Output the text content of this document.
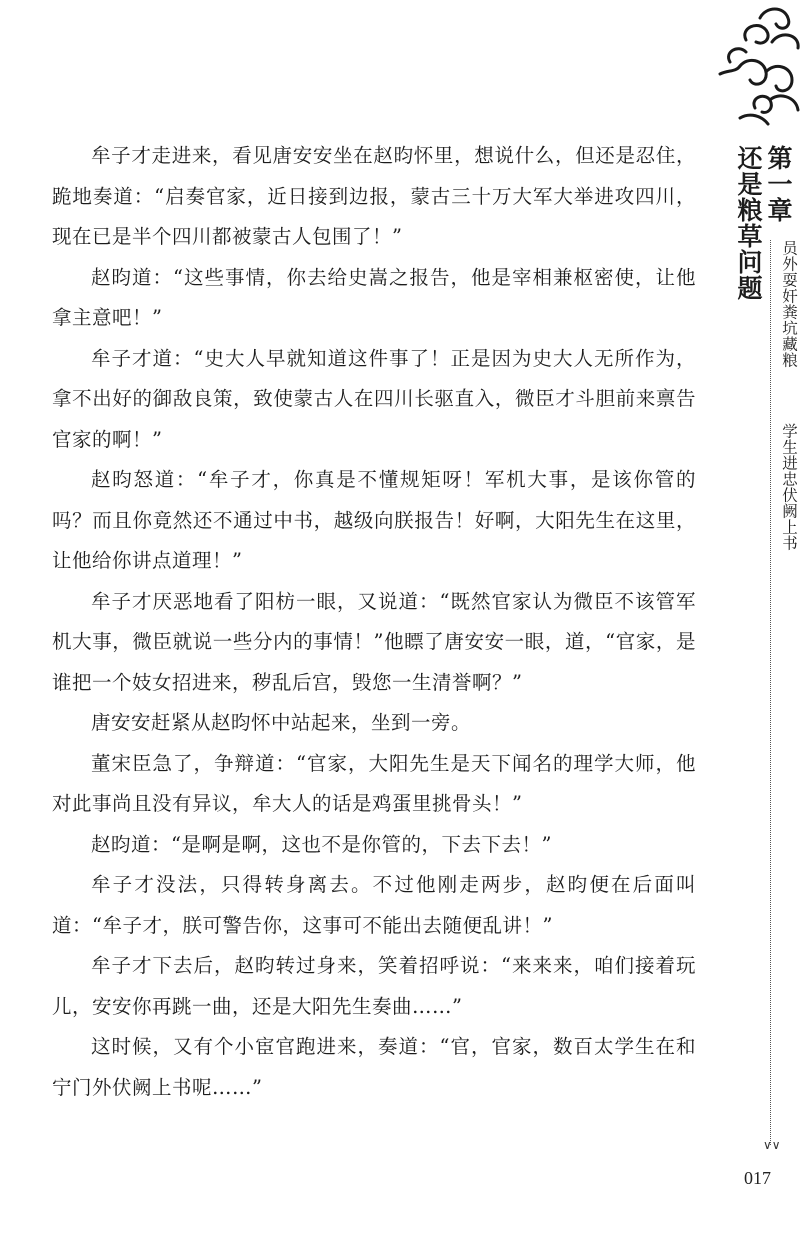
第一章
还是粮草问题
员外耍奸粪坑藏粮
学生进忠伏阙上书
∨∨
017

牟子才走进来，看见唐安安坐在赵昀怀里，想说什么，但还是忍住，跪地奏道：“启奏官家，近日接到边报，蒙古三十万大军大举进攻四川，现在已是半个四川都被蒙古人包围了！”

赵昀道：“这些事情，你去给史嵩之报告，他是宰相兼枢密使，让他拿主意吧！”

牟子才道：“史大人早就知道这件事了！正是因为史大人无所作为，拿不出好的御敌良策，致使蒙古人在四川长驱直入，微臣才斗胆前来禀告官家的啊！”

赵昀怒道：“牟子才，你真是不懂规矩呀！军机大事，是该你管的吗？而且你竟然还不通过中书，越级向朕报告！好啊，大阳先生在这里，让他给你讲点道理！”

牟子才厌恶地看了阳枋一眼，又说道：“既然官家认为微臣不该管军机大事，微臣就说一些分内的事情！”他瞟了唐安安一眼，道，“官家，是谁把一个妓女招进来，秽乱后宫，毁您一生清誉啊？”

唐安安赶紧从赵昀怀中站起来，坐到一旁。

董宋臣急了，争辩道：“官家，大阳先生是天下闻名的理学大师，他对此事尚且没有异议，牟大人的话是鸡蛋里挑骨头！”

赵昀道：“是啊是啊，这也不是你管的，下去下去！”

牟子才没法，只得转身离去。不过他刚走两步，赵昀便在后面叫道：“牟子才，朕可警告你，这事可不能出去随便乱讲！”

牟子才下去后，赵昀转过身来，笑着招呼说：“来来来，咱们接着玩儿，安安你再跳一曲，还是大阳先生奏曲……”

这时候，又有个小宦官跑进来，奏道：“官，官家，数百太学生在和宁门外伏阙上书呢……”
